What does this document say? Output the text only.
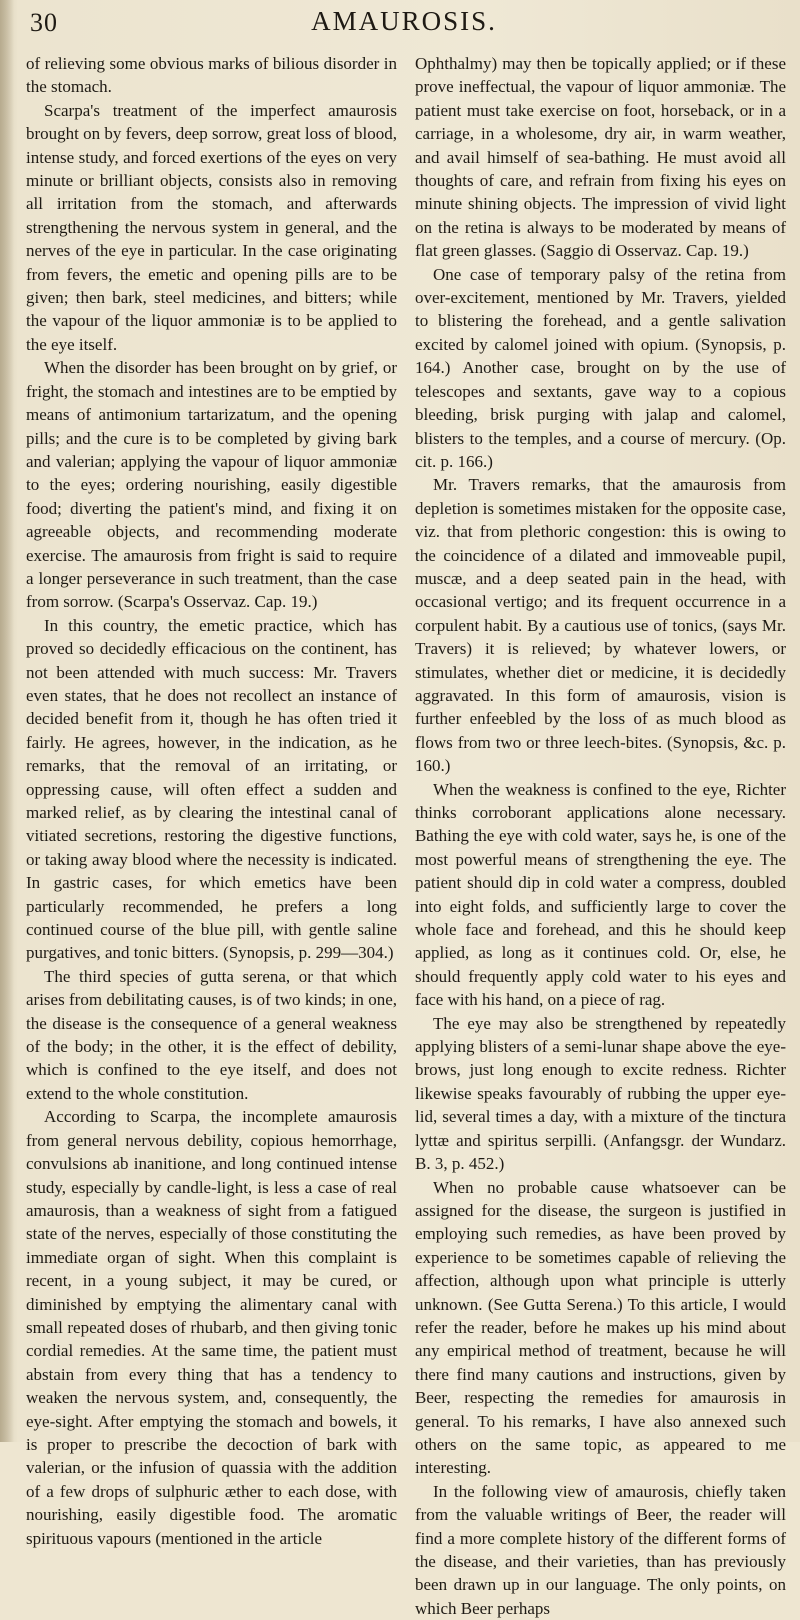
30	AMAUROSIS.

of relieving some obvious marks of bilious disorder in the stomach.

Scarpa's treatment of the imperfect amaurosis brought on by fevers, deep sorrow, great loss of blood, intense study, and forced exertions of the eyes on very minute or brilliant objects, consists also in removing all irritation from the stomach, and afterwards strengthening the nervous system in general, and the nerves of the eye in particular. In the case originating from fevers, the emetic and opening pills are to be given; then bark, steel medicines, and bitters; while the vapour of the liquor ammoniæ is to be applied to the eye itself.

When the disorder has been brought on by grief, or fright, the stomach and intestines are to be emptied by means of antimonium tartarizatum, and the opening pills; and the cure is to be completed by giving bark and valerian; applying the vapour of liquor ammoniæ to the eyes; ordering nourishing, easily digestible food; diverting the patient's mind, and fixing it on agreeable objects, and recommending moderate exercise. The amaurosis from fright is said to require a longer perseverance in such treatment, than the case from sorrow. (Scarpa's Osservaz. Cap. 19.)

In this country, the emetic practice, which has proved so decidedly efficacious on the continent, has not been attended with much success: Mr. Travers even states, that he does not recollect an instance of decided benefit from it, though he has often tried it fairly. He agrees, however, in the indication, as he remarks, that the removal of an irritating, or oppressing cause, will often effect a sudden and marked relief, as by clearing the intestinal canal of vitiated secretions, restoring the digestive functions, or taking away blood where the necessity is indicated. In gastric cases, for which emetics have been particularly recommended, he prefers a long continued course of the blue pill, with gentle saline purgatives, and tonic bitters. (Synopsis, p. 299—304.)

The third species of gutta serena, or that which arises from debilitating causes, is of two kinds; in one, the disease is the consequence of a general weakness of the body; in the other, it is the effect of debility, which is confined to the eye itself, and does not extend to the whole constitution.

According to Scarpa, the incomplete amaurosis from general nervous debility, copious hemorrhage, convulsions ab inanitione, and long continued intense study, especially by candle-light, is less a case of real amaurosis, than a weakness of sight from a fatigued state of the nerves, especially of those constituting the immediate organ of sight. When this complaint is recent, in a young subject, it may be cured, or diminished by emptying the alimentary canal with small repeated doses of rhubarb, and then giving tonic cordial remedies. At the same time, the patient must abstain from every thing that has a tendency to weaken the nervous system, and, consequently, the eye-sight. After emptying the stomach and bowels, it is proper to prescribe the decoction of bark with valerian, or the infusion of quassia with the addition of a few drops of sulphuric æther to each dose, with nourishing, easily digestible food. The aromatic spirituous vapours (mentioned in the article

Ophthalmy) may then be topically applied; or if these prove ineffectual, the vapour of liquor ammoniæ. The patient must take exercise on foot, horseback, or in a carriage, in a wholesome, dry air, in warm weather, and avail himself of sea-bathing. He must avoid all thoughts of care, and refrain from fixing his eyes on minute shining objects. The impression of vivid light on the retina is always to be moderated by means of flat green glasses. (Saggio di Osservaz. Cap. 19.)

One case of temporary palsy of the retina from over-excitement, mentioned by Mr. Travers, yielded to blistering the forehead, and a gentle salivation excited by calomel joined with opium. (Synopsis, p. 164.) Another case, brought on by the use of telescopes and sextants, gave way to a copious bleeding, brisk purging with jalap and calomel, blisters to the temples, and a course of mercury. (Op. cit. p. 166.)

Mr. Travers remarks, that the amaurosis from depletion is sometimes mistaken for the opposite case, viz. that from plethoric congestion: this is owing to the coincidence of a dilated and immoveable pupil, muscæ, and a deep seated pain in the head, with occasional vertigo; and its frequent occurrence in a corpulent habit. By a cautious use of tonics, (says Mr. Travers) it is relieved; by whatever lowers, or stimulates, whether diet or medicine, it is decidedly aggravated. In this form of amaurosis, vision is further enfeebled by the loss of as much blood as flows from two or three leech-bites. (Synopsis, &c. p. 160.)

When the weakness is confined to the eye, Richter thinks corroborant applications alone necessary. Bathing the eye with cold water, says he, is one of the most powerful means of strengthening the eye. The patient should dip in cold water a compress, doubled into eight folds, and sufficiently large to cover the whole face and forehead, and this he should keep applied, as long as it continues cold. Or, else, he should frequently apply cold water to his eyes and face with his hand, on a piece of rag.

The eye may also be strengthened by repeatedly applying blisters of a semi-lunar shape above the eye-brows, just long enough to excite redness. Richter likewise speaks favourably of rubbing the upper eye-lid, several times a day, with a mixture of the tinctura lyttæ and spiritus serpilli. (Anfangsgr. der Wundarz. B. 3, p. 452.)

When no probable cause whatsoever can be assigned for the disease, the surgeon is justified in employing such remedies, as have been proved by experience to be sometimes capable of relieving the affection, although upon what principle is utterly unknown. (See Gutta Serena.) To this article, I would refer the reader, before he makes up his mind about any empirical method of treatment, because he will there find many cautions and instructions, given by Beer, respecting the remedies for amaurosis in general. To his remarks, I have also annexed such others on the same topic, as appeared to me interesting.

In the following view of amaurosis, chiefly taken from the valuable writings of Beer, the reader will find a more complete history of the different forms of the disease, and their varieties, than has previously been drawn up in our language. The only points, on which Beer perhaps
